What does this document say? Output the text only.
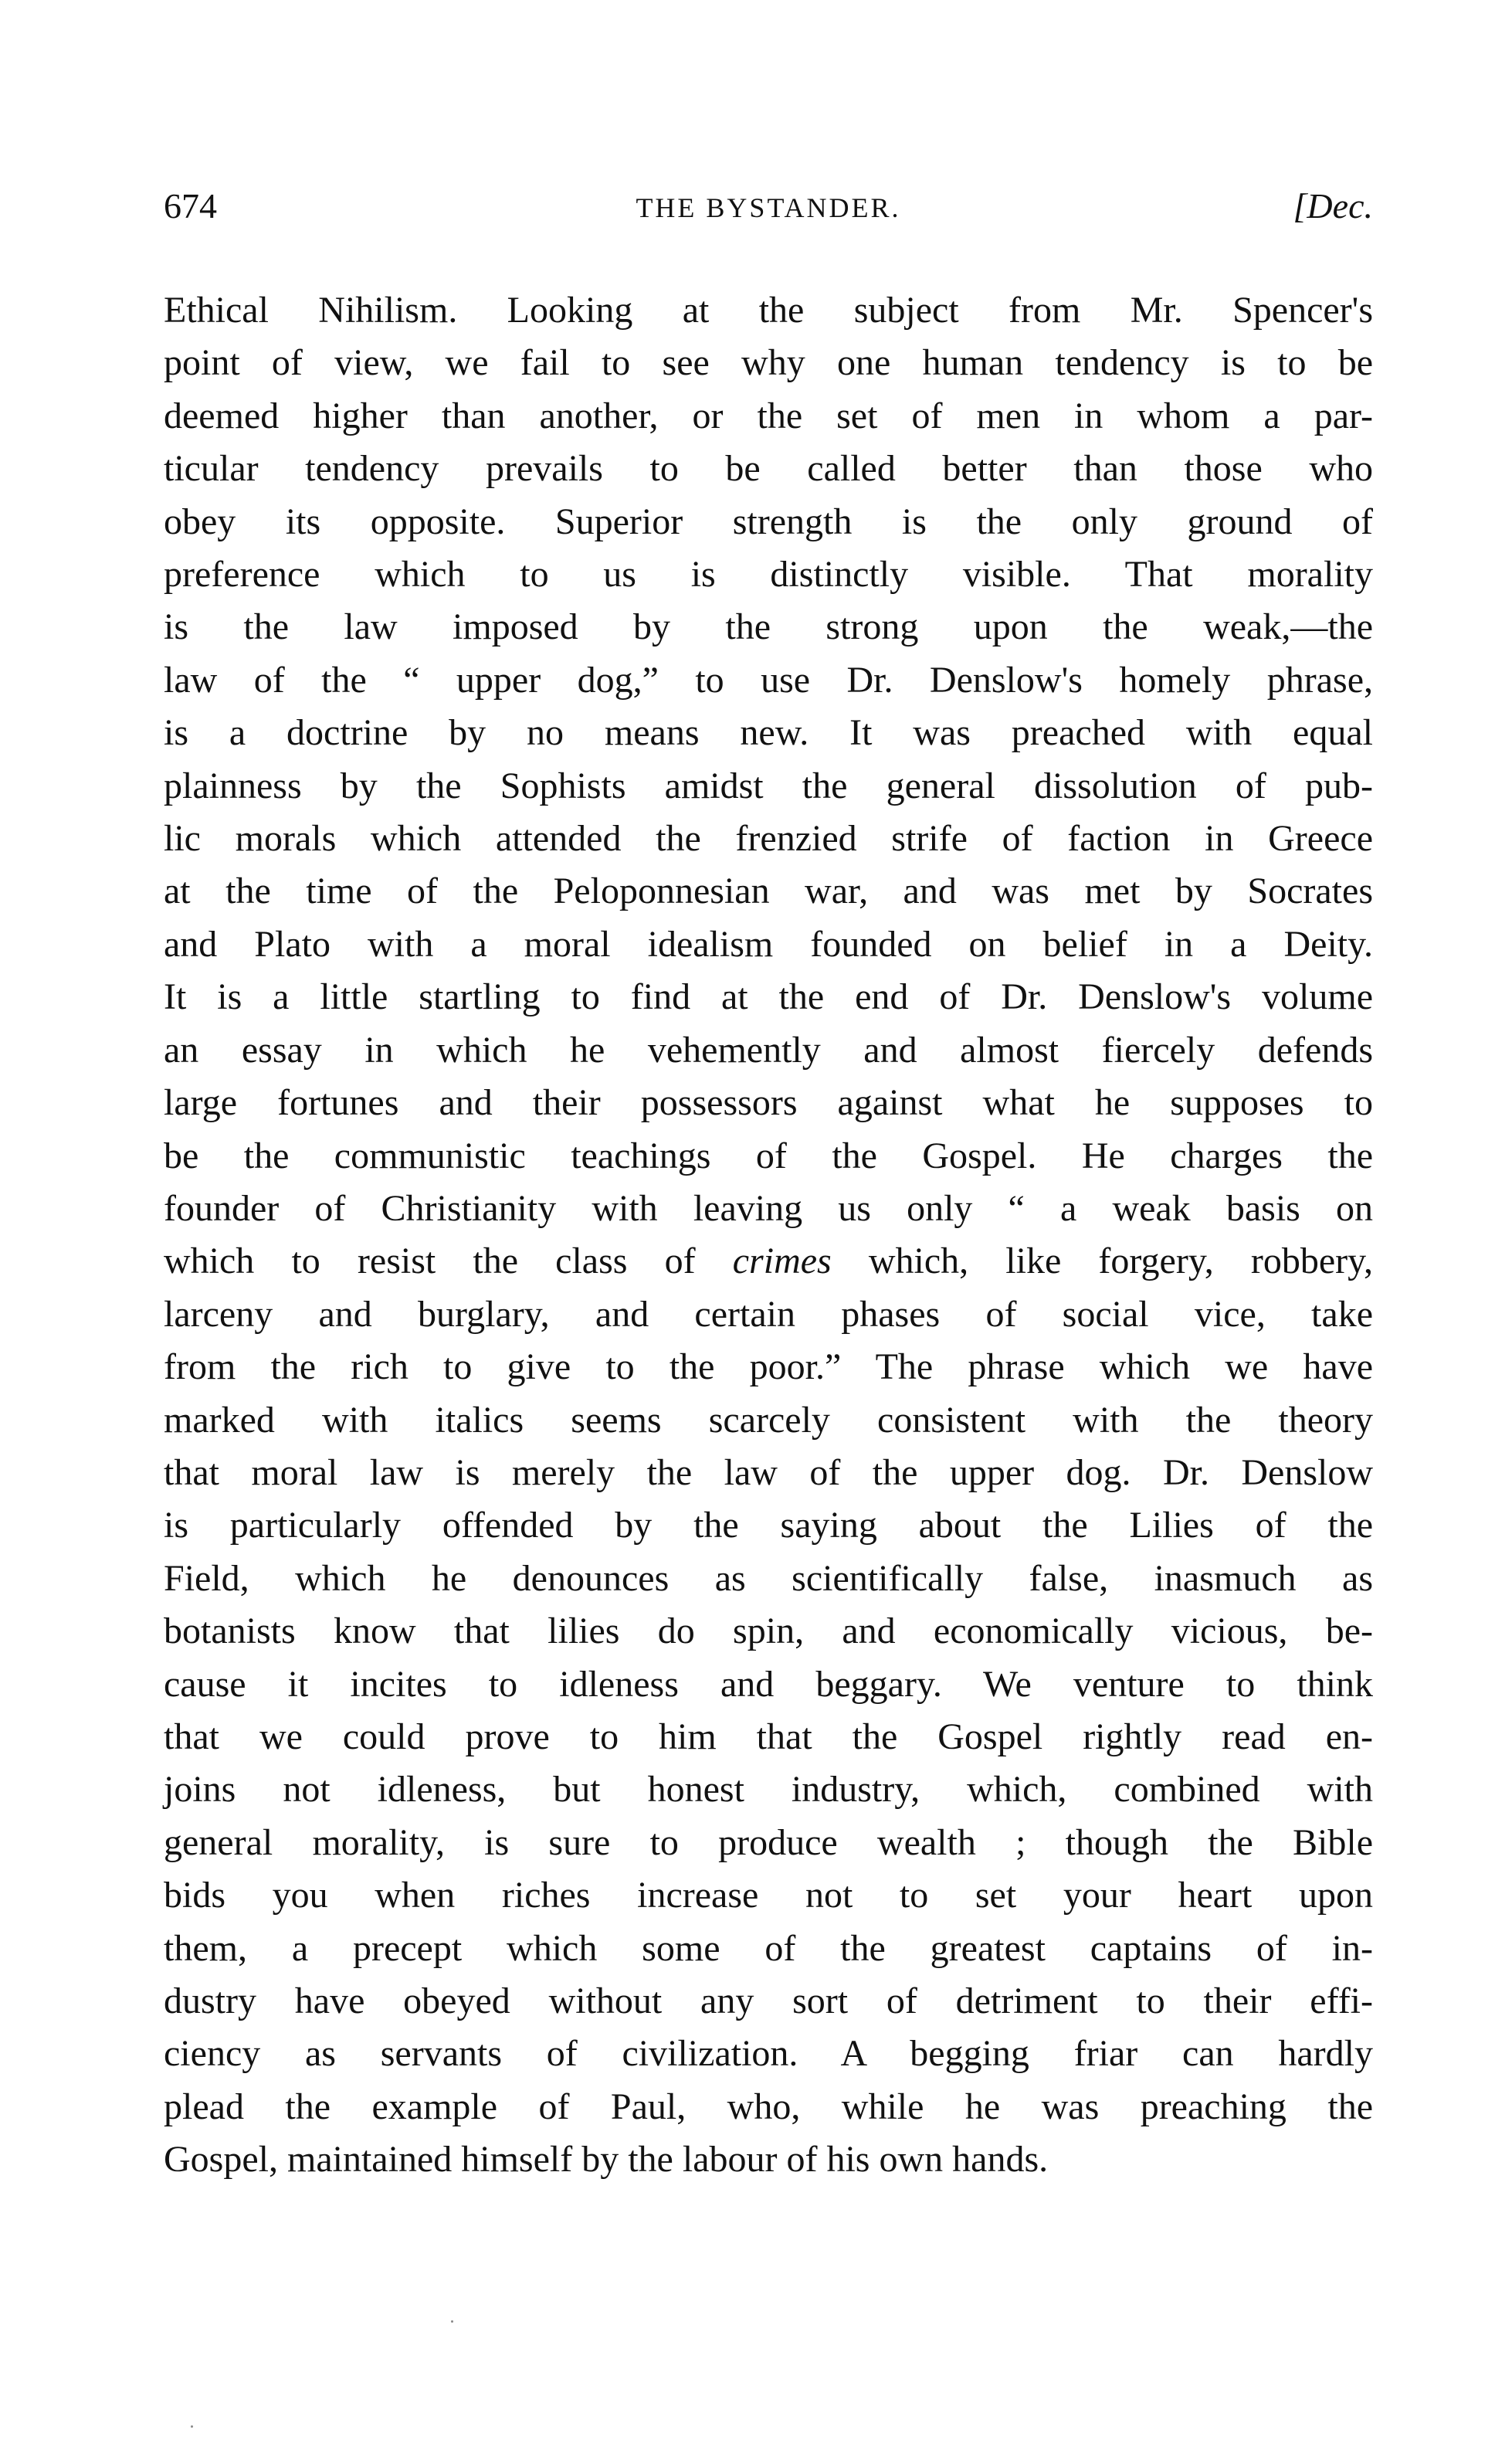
674	THE BYSTANDER.	[Dec.
Ethical Nihilism. Looking at the subject from Mr. Spencer's
point of view, we fail to see why one human tendency is to be
deemed higher than another, or the set of men in whom a par-
ticular tendency prevails to be called better than those who
obey its opposite. Superior strength is the only ground of
preference which to us is distinctly visible. That morality
is the law imposed by the strong upon the weak,—the
law of the “ upper dog,” to use Dr. Denslow's homely phrase,
is a doctrine by no means new. It was preached with equal
plainness by the Sophists amidst the general dissolution of pub-
lic morals which attended the frenzied strife of faction in Greece
at the time of the Peloponnesian war, and was met by Socrates
and Plato with a moral idealism founded on belief in a Deity.
It is a little startling to find at the end of Dr. Denslow's volume
an essay in which he vehemently and almost fiercely defends
large fortunes and their possessors against what he supposes to
be the communistic teachings of the Gospel. He charges the
founder of Christianity with leaving us only “ a weak basis on
which to resist the class of crimes which, like forgery, robbery,
larceny and burglary, and certain phases of social vice, take
from the rich to give to the poor.” The phrase which we have
marked with italics seems scarcely consistent with the theory
that moral law is merely the law of the upper dog. Dr. Denslow
is particularly offended by the saying about the Lilies of the
Field, which he denounces as scientifically false, inasmuch as
botanists know that lilies do spin, and economically vicious, be-
cause it incites to idleness and beggary. We venture to think
that we could prove to him that the Gospel rightly read en-
joins not idleness, but honest industry, which, combined with
general morality, is sure to produce wealth ; though the Bible
bids you when riches increase not to set your heart upon
them, a precept which some of the greatest captains of in-
dustry have obeyed without any sort of detriment to their effi-
ciency as servants of civilization. A begging friar can hardly
plead the example of Paul, who, while he was preaching the
Gospel, maintained himself by the labour of his own hands.
